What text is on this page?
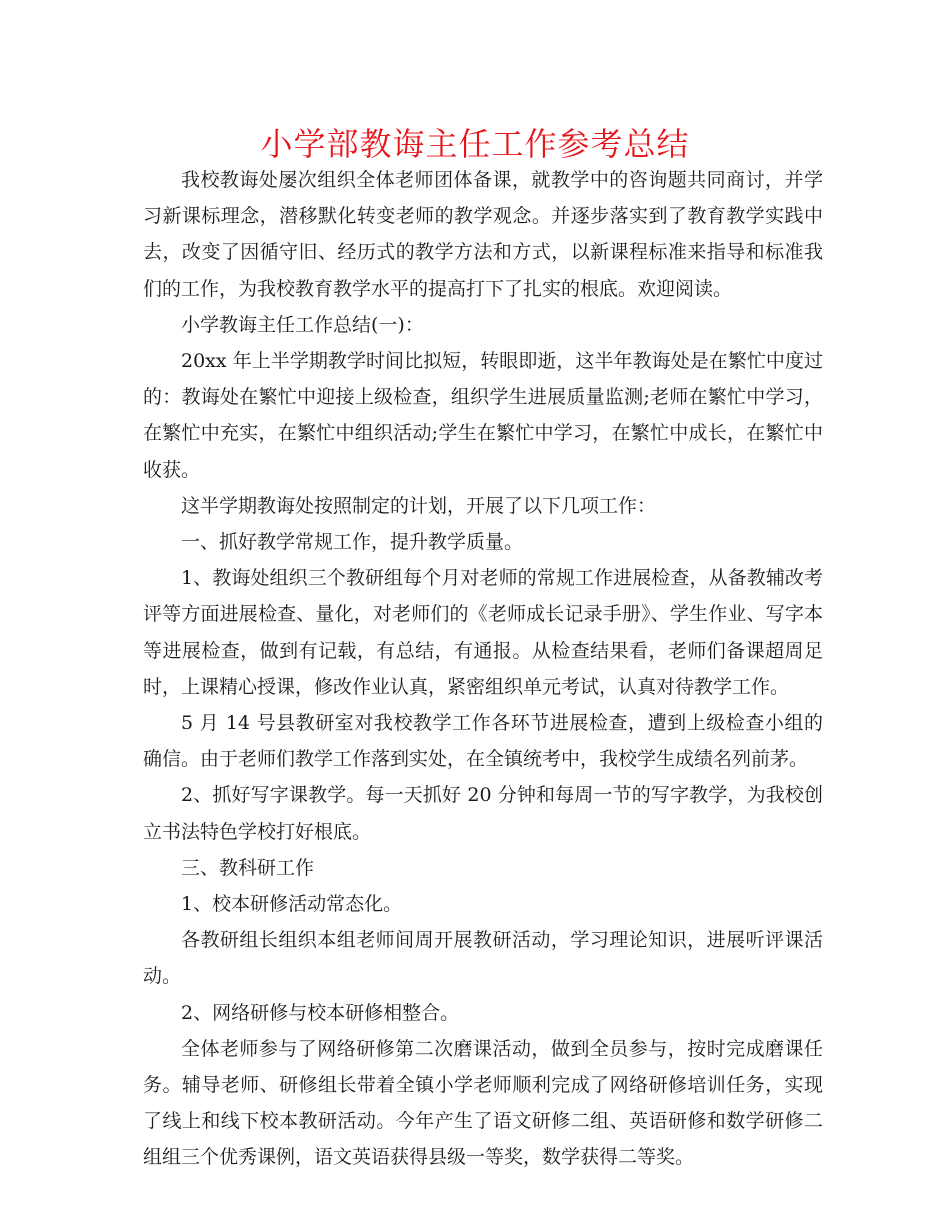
小学部教诲主任工作参考总结

我校教诲处屡次组织全体老师团体备课，就教学中的咨询题共同商讨，并学习新课标理念，潜移默化转变老师的教学观念。并逐步落实到了教育教学实践中去，改变了因循守旧、经历式的教学方法和方式，以新课程标准来指导和标准我们的工作，为我校教育教学水平的提高打下了扎实的根底。欢迎阅读。

小学教诲主任工作总结(一)：

20xx 年上半学期教学时间比拟短，转眼即逝，这半年教诲处是在繁忙中度过的：教诲处在繁忙中迎接上级检查，组织学生进展质量监测;老师在繁忙中学习，在繁忙中充实，在繁忙中组织活动;学生在繁忙中学习，在繁忙中成长，在繁忙中收获。

这半学期教诲处按照制定的计划，开展了以下几项工作：

一、抓好教学常规工作，提升教学质量。

1、教诲处组织三个教研组每个月对老师的常规工作进展检查，从备教辅改考评等方面进展检查、量化，对老师们的《老师成长记录手册》、学生作业、写字本等进展检查，做到有记载，有总结，有通报。从检查结果看，老师们备课超周足时，上课精心授课，修改作业认真，紧密组织单元考试，认真对待教学工作。

5 月 14 号县教研室对我校教学工作各环节进展检查，遭到上级检查小组的确信。由于老师们教学工作落到实处，在全镇统考中，我校学生成绩名列前茅。

2、抓好写字课教学。每一天抓好 20 分钟和每周一节的写字教学，为我校创立书法特色学校打好根底。

三、教科研工作

1、校本研修活动常态化。

各教研组长组织本组老师间周开展教研活动，学习理论知识，进展听评课活动。

2、网络研修与校本研修相整合。

全体老师参与了网络研修第二次磨课活动，做到全员参与，按时完成磨课任务。辅导老师、研修组长带着全镇小学老师顺利完成了网络研修培训任务，实现了线上和线下校本教研活动。今年产生了语文研修二组、英语研修和数学研修二组组三个优秀课例，语文英语获得县级一等奖，数学获得二等奖。
